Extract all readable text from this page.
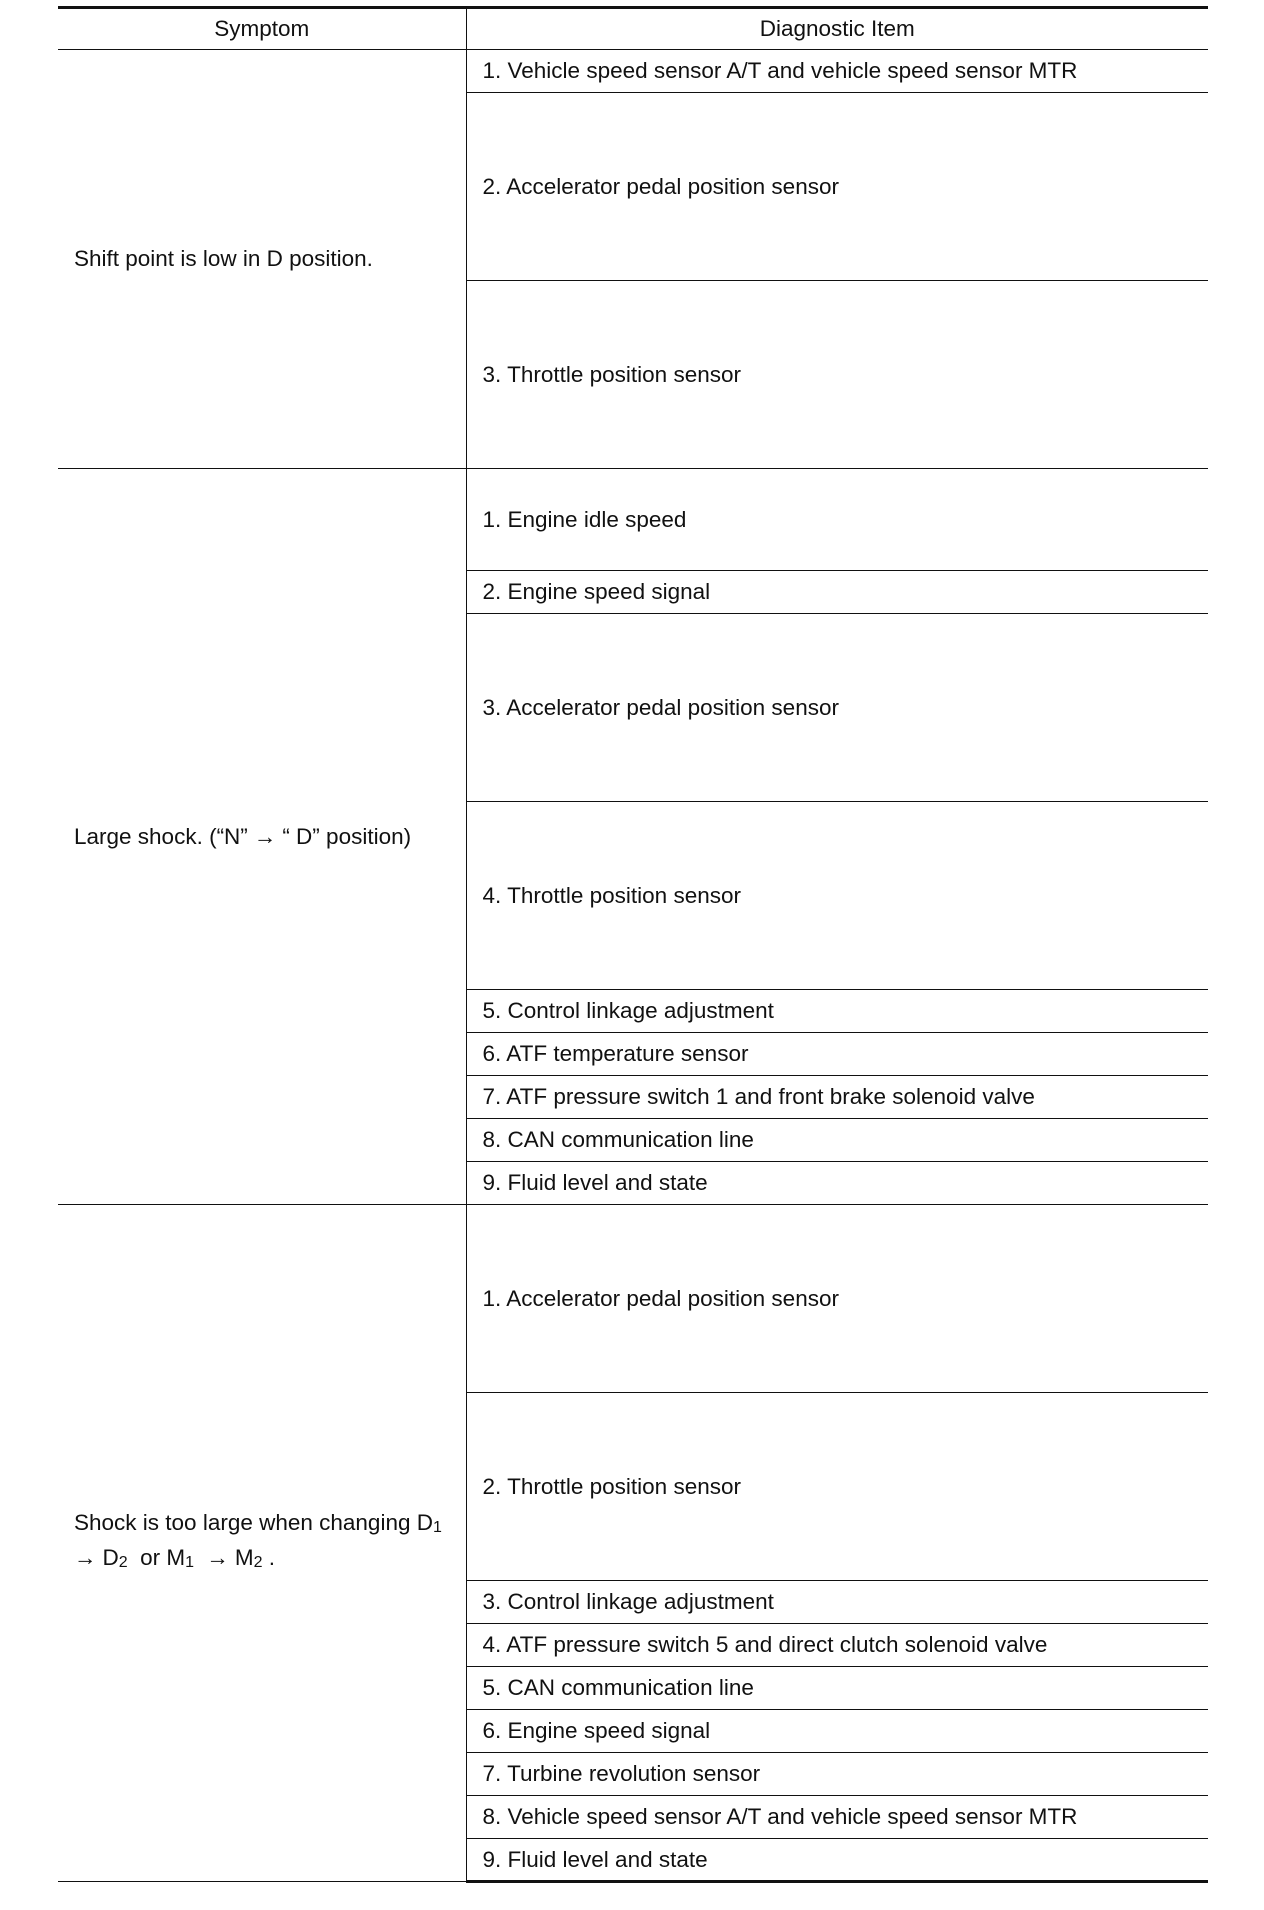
Symptom	Diagnostic Item
Shift point is low in D position.	1. Vehicle speed sensor A/T and vehicle speed sensor MTR
	2. Accelerator pedal position sensor
	3. Throttle position sensor
Large shock. (“N” → “ D” position)	1. Engine idle speed
	2. Engine speed signal
	3. Accelerator pedal position sensor
	4. Throttle position sensor
	5. Control linkage adjustment
	6. ATF temperature sensor
	7. ATF pressure switch 1 and front brake solenoid valve
	8. CAN communication line
	9. Fluid level and state
Shock is too large when changing D1
→ D2 or M1 → M2 .	1. Accelerator pedal position sensor
	2. Throttle position sensor
	3. Control linkage adjustment
	4. ATF pressure switch 5 and direct clutch solenoid valve
	5. CAN communication line
	6. Engine speed signal
	7. Turbine revolution sensor
	8. Vehicle speed sensor A/T and vehicle speed sensor MTR
	9. Fluid level and state
